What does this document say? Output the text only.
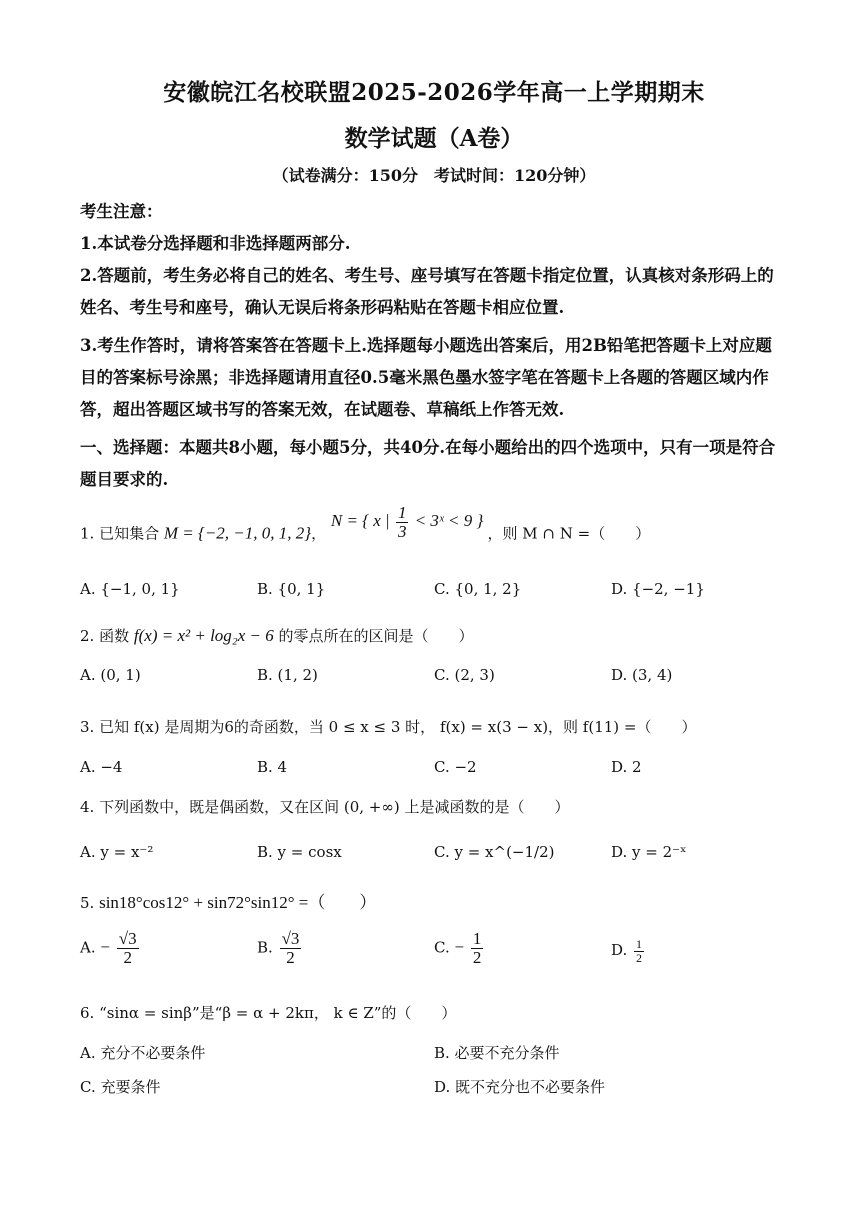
安徽皖江名校联盟2025-2026学年高一上学期期末
数学试题（A卷）
（试卷满分：150分　考试时间：120分钟）
考生注意：
1.本试卷分选择题和非选择题两部分.
2.答题前，考生务必将自己的姓名、考生号、座号填写在答题卡指定位置，认真核对条形码上的姓名、考生号和座号，确认无误后将条形码粘贴在答题卡相应位置.
3.考生作答时，请将答案答在答题卡上.选择题每小题选出答案后，用2B铅笔把答题卡上对应题目的答案标号涂黑；非选择题请用直径0.5毫米黑色墨水签字笔在答题卡上各题的答题区域内作答，超出答题区域书写的答案无效，在试题卷、草稿纸上作答无效.
一、选择题：本题共8小题，每小题5分，共40分.在每小题给出的四个选项中，只有一项是符合题目要求的.
1. 已知集合 M = {−2, −1, 0, 1, 2}， N = { x | $\frac{1}{3}$ < 3ˣ < 9 } ，则 M ∩ N =（　　）
A. {−1, 0, 1}	B. {0, 1}	C. {0, 1, 2}	D. {−2, −1}
2. 函数 f(x) = x² + log₂x − 6 的零点所在的区间是（　　）
A. (0, 1)	B. (1, 2)	C. (2, 3)	D. (3, 4)
3. 已知 f(x) 是周期为6的奇函数，当 0 ≤ x ≤ 3 时， f(x) = x(3 − x)，则 f(11) =（　　）
A. −4	B. 4	C. −2	D. 2
4. 下列函数中，既是偶函数，又在区间 (0, +∞) 上是减函数的是（　　）
A. y = x⁻²	B. y = cosx	C. y = x^(−1/2)	D. y = 2⁻ˣ
5. sin18°cos12° + sin72°sin12° =（　　）
A. − $\frac{√3}{2}$	B. $\frac{√3}{2}$	C. − $\frac{1}{2}$	D. $\frac{1}{2}$
6. “sinα = sinβ”是“β = α + 2kπ， k ∈ Z”的（　　）
A. 充分不必要条件	B. 必要不充分条件
C. 充要条件	D. 既不充分也不必要条件
